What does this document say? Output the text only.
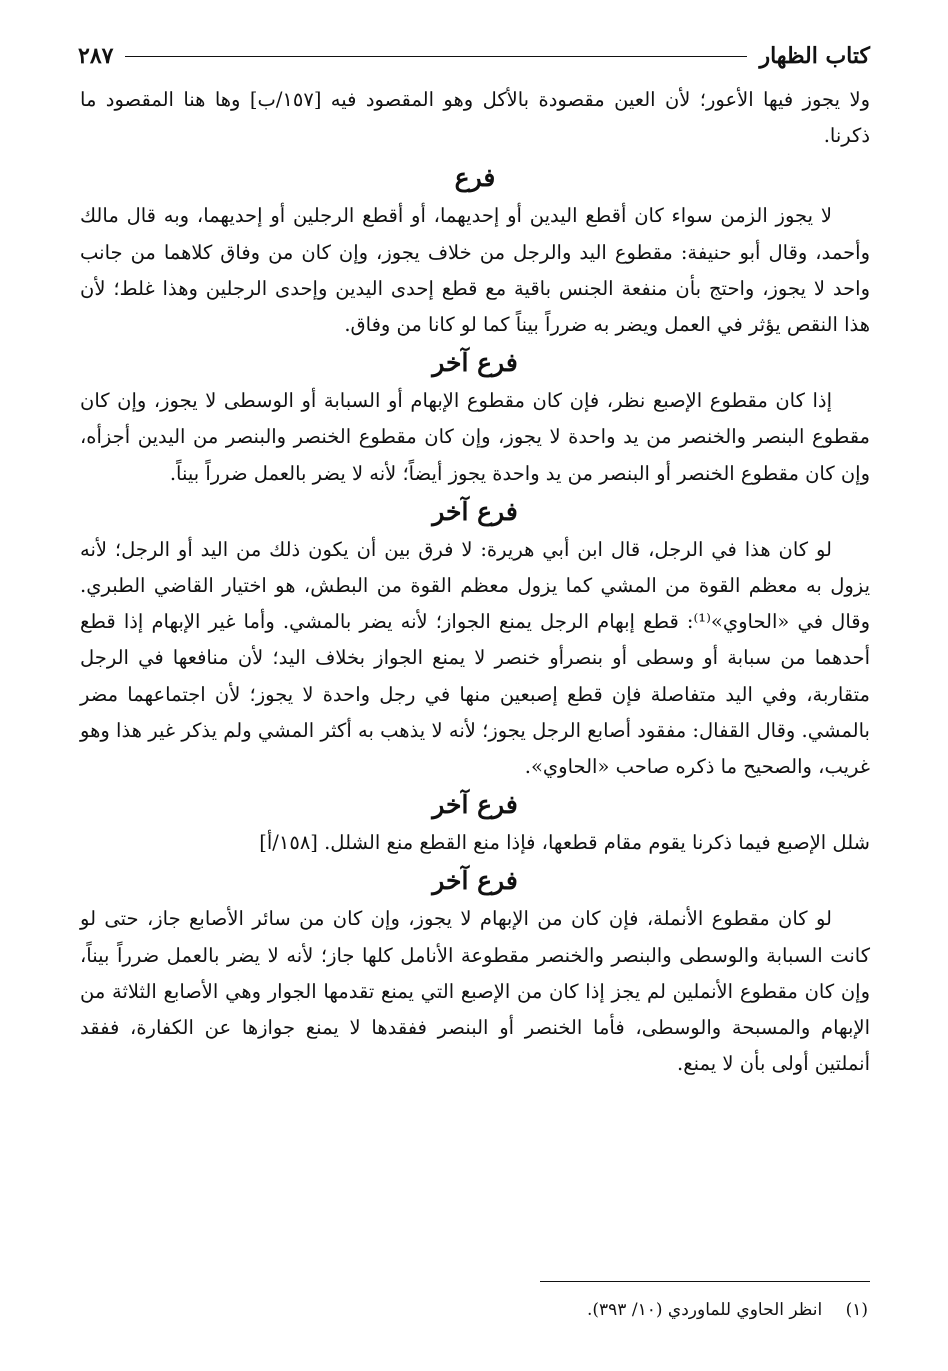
كتاب الظهار
٢٨٧

ولا يجوز فيها الأعور؛ لأن العين مقصودة بالأكل وهو المقصود فيه [١٥٧/ب] وها هنا المقصود ما ذكرنا.

فرع

لا يجوز الزمن سواء كان أقطع اليدين أو إحديهما، أو أقطع الرجلين أو إحديهما، وبه قال مالك وأحمد، وقال أبو حنيفة: مقطوع اليد والرجل من خلاف يجوز، وإن كان من وفاق كلاهما من جانب واحد لا يجوز، واحتج بأن منفعة الجنس باقية مع قطع إحدى اليدين وإحدى الرجلين وهذا غلط؛ لأن هذا النقص يؤثر في العمل ويضر به ضرراً بيناً كما لو كانا من وفاق.

فرع آخر

إذا كان مقطوع الإصبع نظر، فإن كان مقطوع الإبهام أو السبابة أو الوسطى لا يجوز، وإن كان مقطوع البنصر والخنصر من يد واحدة لا يجوز، وإن كان مقطوع الخنصر والبنصر من اليدين أجزأه، وإن كان مقطوع الخنصر أو البنصر من يد واحدة يجوز أيضاً؛ لأنه لا يضر بالعمل ضرراً بيناً.

فرع آخر

لو كان هذا في الرجل، قال ابن أبي هريرة: لا فرق بين أن يكون ذلك من اليد أو الرجل؛ لأنه يزول به معظم القوة من المشي كما يزول معظم القوة من البطش، هو اختيار القاضي الطبري. وقال في «الحاوي»⁽¹⁾: قطع إبهام الرجل يمنع الجواز؛ لأنه يضر بالمشي. وأما غير الإبهام إذا قطع أحدهما من سبابة أو وسطى أو بنصرأو خنصر لا يمنع الجواز بخلاف اليد؛ لأن منافعها في الرجل متقاربة، وفي اليد متفاصلة فإن قطع إصبعين منها في رجل واحدة لا يجوز؛ لأن اجتماعهما مضر بالمشي. وقال القفال: مفقود أصابع الرجل يجوز؛ لأنه لا يذهب به أكثر المشي ولم يذكر غير هذا وهو غريب، والصحيح ما ذكره صاحب «الحاوي».

فرع آخر

شلل الإصبع فيما ذكرنا يقوم مقام قطعها، فإذا منع القطع منع الشلل. [١٥٨/أ]

فرع آخر

لو كان مقطوع الأنملة، فإن كان من الإبهام لا يجوز، وإن كان من سائر الأصابع جاز، حتى لو كانت السبابة والوسطى والبنصر والخنصر مقطوعة الأنامل كلها جاز؛ لأنه لا يضر بالعمل ضرراً بيناً، وإن كان مقطوع الأنملين لم يجز إذا كان من الإصبع التي يمنع تقدمها الجوار وهي الأصابع الثلاثة من الإبهام والمسبحة والوسطى، فأما الخنصر أو البنصر ففقدها لا يمنع جوازها عن الكفارة، ففقد أنملتين أولى بأن لا يمنع.

(١) انظر الحاوي للماوردي (١٠/ ٣٩٣).
